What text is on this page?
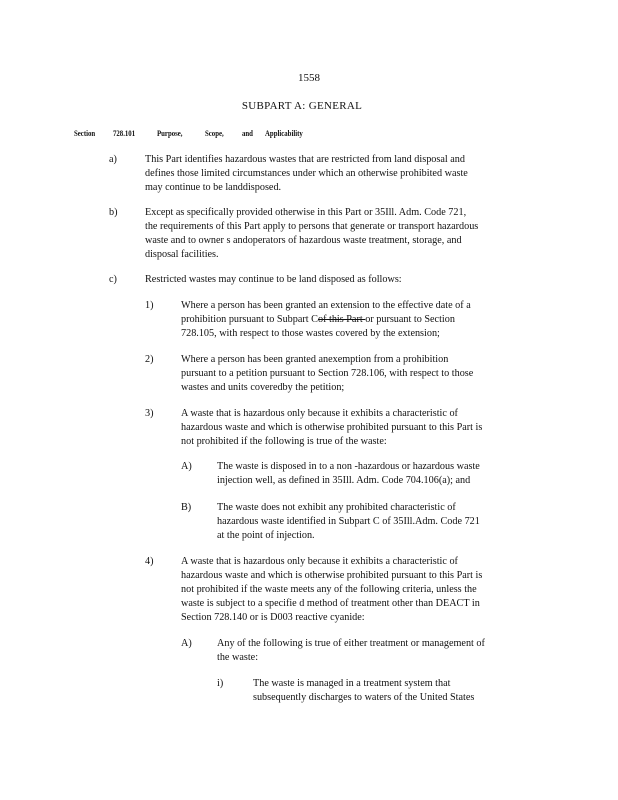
1558
SUBPART A: GENERAL
Section 728.101	Purpose,	Scope, and Applicability
a)	This Part identifies hazardous wastes that are restricted from land disposal and
defines those limited circumstances under which an otherwise prohibited waste
may continue to be landdisposed.
b)	Except as specifically provided otherwise in this Part or 35Ill. Adm. Code 721,
the requirements of this Part apply to persons that generate or transport hazardous
waste and to owner s andoperators of hazardous waste treatment, storage, and
disposal facilities.
c)	Restricted wastes may continue to be land disposed as follows:
1)	Where a person has been granted an extension to the effective date of a
prohibition pursuant to Subpart Cof this Part or pursuant to Section
728.105, with respect to those wastes covered by the extension;
2)	Where a person has been granted anexemption from a prohibition
pursuant to a petition pursuant to Section 728.106, with respect to those
wastes and units coveredby the petition;
3)	A waste that is hazardous only because it exhibits a characteristic of
hazardous waste and which is otherwise prohibited pursuant to this Part is
not prohibited if the following is true of the waste:
A) The waste is disposed in to a non -hazardous or hazardous waste
injection well, as defined in 35Ill. Adm. Code 704.106(a); and
B)	The waste does not exhibit any prohibited characteristic of
hazardous waste identified in Subpart C of 35Ill.Adm. Code 721
at the point of injection.
4)	A waste that is hazardous only because it exhibits a characteristic of
hazardous waste and which is otherwise prohibited pursuant to this Part is
not prohibited if the waste meets any of the following criteria, unless the
waste is subject to a specifie d method of treatment other than DEACT in
Section 728.140 or is D003 reactive cyanide:
A) Any of the following is true of either treatment or management of
the waste:
i)	The waste is managed in a treatment system that
subsequently discharges to waters of the United States
